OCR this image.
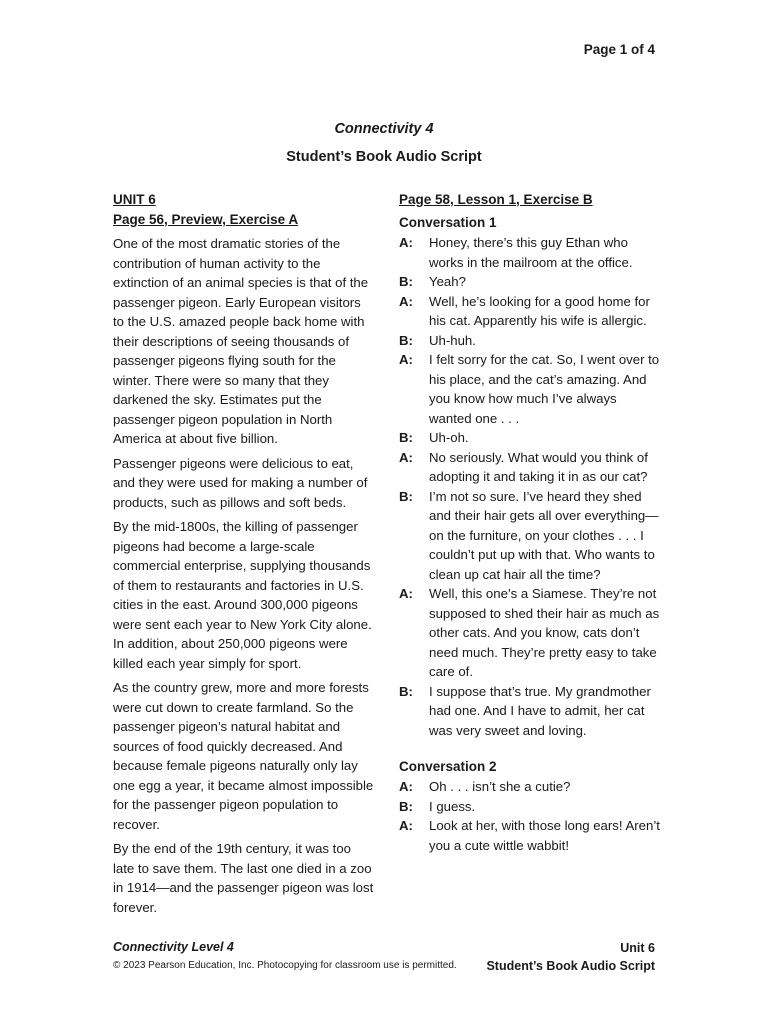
Page 1 of 4
Connectivity 4
Student’s Book Audio Script
UNIT 6
Page 56, Preview, Exercise A

One of the most dramatic stories of the contribution of human activity to the extinction of an animal species is that of the passenger pigeon. Early European visitors to the U.S. amazed people back home with their descriptions of seeing thousands of passenger pigeons flying south for the winter. There were so many that they darkened the sky. Estimates put the passenger pigeon population in North America at about five billion.

Passenger pigeons were delicious to eat, and they were used for making a number of products, such as pillows and soft beds.

By the mid-1800s, the killing of passenger pigeons had become a large-scale commercial enterprise, supplying thousands of them to restaurants and factories in U.S. cities in the east. Around 300,000 pigeons were sent each year to New York City alone. In addition, about 250,000 pigeons were killed each year simply for sport.

As the country grew, more and more forests were cut down to create farmland. So the passenger pigeon’s natural habitat and sources of food quickly decreased. And because female pigeons naturally only lay one egg a year, it became almost impossible for the passenger pigeon population to recover.

By the end of the 19th century, it was too late to save them. The last one died in a zoo in 1914—and the passenger pigeon was lost forever.

Page 58, Lesson 1, Exercise B
Conversation 1
A:	Honey, there’s this guy Ethan who works in the mailroom at the office.
B:	Yeah?
A:	Well, he’s looking for a good home for his cat. Apparently his wife is allergic.
B:	Uh-huh.
A:	I felt sorry for the cat. So, I went over to his place, and the cat’s amazing. And you know how much I’ve always wanted one . . .
B:	Uh-oh.
A:	No seriously. What would you think of adopting it and taking it in as our cat?
B:	I’m not so sure. I’ve heard they shed and their hair gets all over everything—on the furniture, on your clothes . . . I couldn’t put up with that. Who wants to clean up cat hair all the time?
A:	Well, this one’s a Siamese. They’re not supposed to shed their hair as much as other cats. And you know, cats don’t need much. They’re pretty easy to take care of.
B:	I suppose that’s true. My grandmother had one. And I have to admit, her cat was very sweet and loving.
Conversation 2
A:	Oh . . . isn’t she a cutie?
B:	I guess.
A:	Look at her, with those long ears! Aren’t you a cute wittle wabbit!
Connectivity Level 4
© 2023 Pearson Education, Inc. Photocopying for classroom use is permitted.
Unit 6
Student’s Book Audio Script
